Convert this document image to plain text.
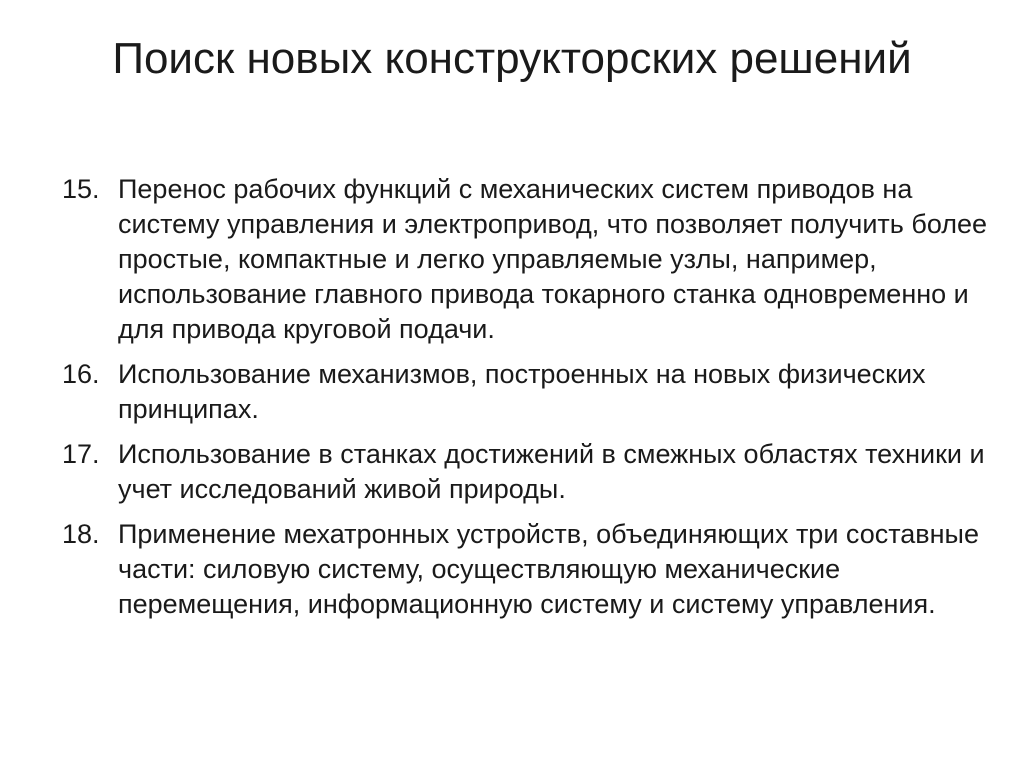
Поиск новых конструкторских решений
15. Перенос рабочих функций с механических систем приводов на систему управления и электропривод, что позволяет получить более простые, компактные и легко управляемые узлы, например, использование главного привода токарного станка одновременно и для привода круговой подачи.
16. Использование механизмов, построенных на новых физических принципах.
17. Использование в станках достижений в смежных областях техники и учет исследований живой природы.
18. Применение мехатронных устройств, объединяющих три составные части: силовую систему, осуществляющую механические перемещения, информационную систему и систему управления.
